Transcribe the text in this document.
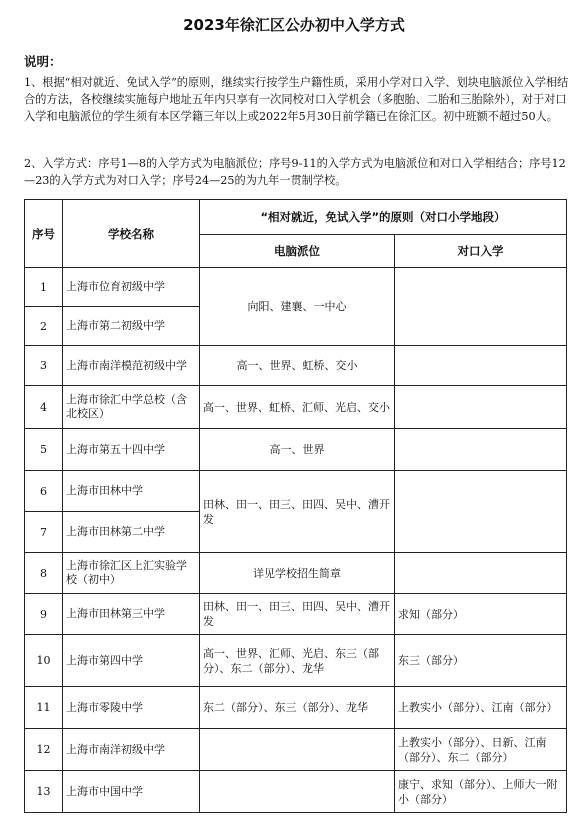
2023年徐汇区公办初中入学方式
说明：
1、根据“相对就近、免试入学”的原则，继续实行按学生户籍性质，采用小学对口入学、划块电脑派位入学相结合的方法，各校继续实施每户地址五年内只享有一次同校对口入学机会（多胞胎、二胎和三胎除外），对于对口入学和电脑派位的学生须有本区学籍三年以上或2022年5月30日前学籍已在徐汇区。初中班额不超过50人。
2、入学方式：序号1—8的入学方式为电脑派位；序号9-11的入学方式为电脑派位和对口入学相结合；序号12—23的入学方式为对口入学；序号24—25的为九年一贯制学校。
序号	学校名称	“相对就近，免试入学”的原则（对口小学地段）	
		电脑派位	对口入学
1	上海市位育初级中学	向阳、建襄、一中心	
2	上海市第二初级中学		
3	上海市南洋模范初级中学	高一、世界、虹桥、交小	
4	上海市徐汇中学总校（含北校区）	高一、世界、虹桥、汇师、光启、交小	
5	上海市第五十四中学	高一、世界	
6	上海市田林中学	田林、田一、田三、田四、吴中、漕开发	
7	上海市田林第二中学		
8	上海市徐汇区上汇实验学校（初中）	详见学校招生简章	
9	上海市田林第三中学	田林、田一、田三、田四、吴中、漕开发	求知（部分）
10	上海市第四中学	高一、世界、汇师、光启、东三（部分）、东二（部分）、龙华	东三（部分）
11	上海市零陵中学	东二（部分）、东三（部分）、龙华	上教实小（部分）、江南（部分）
12	上海市南洋初级中学		上教实小（部分）、日新、江南（部分）、东二（部分）
13	上海市中国中学		康宁、求知（部分）、上师大一附小（部分）
